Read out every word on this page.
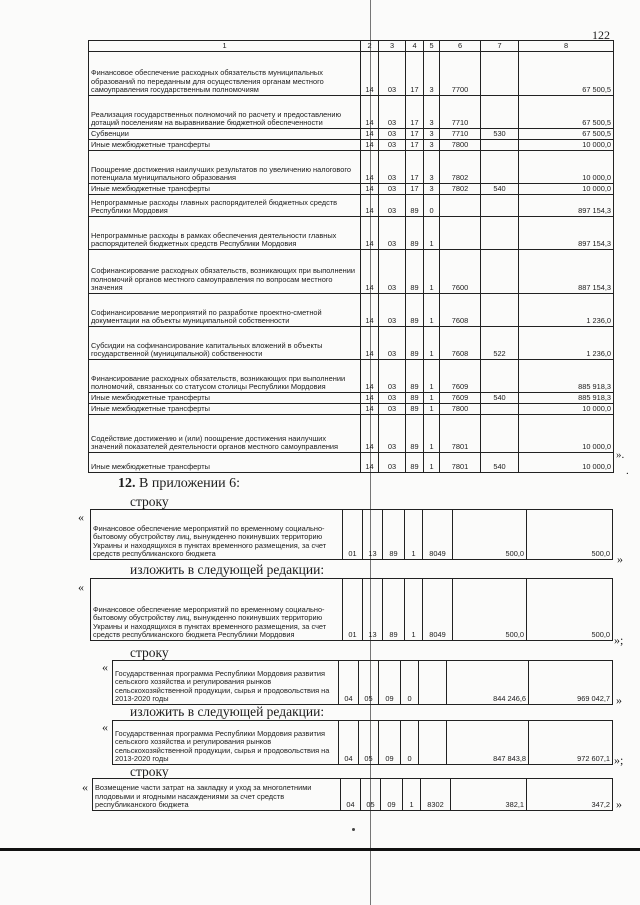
122
1	2	3	4	5	6	7	8
Финансовое обеспечение расходных обязательств муниципальных образований по переданным для осуществления органам местного самоуправления государственным полномочиям	14	03	17	3	7700		67 500,5
Реализация государственных полномочий по расчету и предоставлению дотаций поселениям на выравнивание бюджетной обеспеченности	14	03	17	3	7710		67 500,5
Субвенции	14	03	17	3	7710	530	67 500,5
Иные межбюджетные трансферты	14	03	17	3	7800		10 000,0
Поощрение достижения наилучших результатов по увеличению налогового потенциала муниципального образования	14	03	17	3	7802		10 000,0
Иные межбюджетные трансферты	14	03	17	3	7802	540	10 000,0
Непрограммные расходы главных распорядителей бюджетных средств Республики Мордовия	14	03	89	0			897 154,3
Непрограммные расходы в рамках обеспечения деятельности главных распорядителей бюджетных средств Республики Мордовия	14	03	89	1			897 154,3
Софинансирование расходных обязательств, возникающих при выполнении полномочий органов местного самоуправления по вопросам местного значения	14	03	89	1	7600		887 154,3
Софинансирование мероприятий по разработке проектно-сметной документации на объекты муниципальной собственности	14	03	89	1	7608		1 236,0
Субсидии на софинансирование капитальных вложений в объекты государственной (муниципальной) собственности	14	03	89	1	7608	522	1 236,0
Финансирование расходных обязательств, возникающих при выполнении полномочий, связанных со статусом столицы Республики Мордовия	14	03	89	1	7609		885 918,3
Иные межбюджетные трансферты	14	03	89	1	7609	540	885 918,3
Иные межбюджетные трансферты	14	03	89	1	7800		10 000,0
Содействие достижению и (или) поощрение достижения наилучших значений показателей деятельности органов местного самоуправления	14	03	89	1	7801		10 000,0
Иные межбюджетные трансферты	14	03	89	1	7801	540	10 000,0
».
.
12. В приложении 6:
строку
«
Финансовое обеспечение мероприятий по временному социально-бытовому обустройству лиц, вынужденно покинувших территорию Украины и находящихся в пунктах временного размещения, за счет средств республиканского бюджета	01	13	89	1	8049	500,0	500,0 »
изложить в следующей редакции:
«
Финансовое обеспечение мероприятий по временному социально-бытовому обустройству лиц, вынужденно покинувших территорию Украины и находящихся в пунктах временного размещения, за счет средств республиканского бюджета Республики Мордовия	01	13	89	1	8049	500,0	500,0 »;
строку
« Государственная программа Республики Мордовия развития сельского хозяйства и регулирования рынков сельскохозяйственной продукции, сырья и продовольствия на 2013-2020 годы	04	05	09	0		844 246,6	969 042,7 »
изложить в следующей редакции:
« Государственная программа Республики Мордовия развития сельского хозяйства и регулирования рынков сельскохозяйственной продукции, сырья и продовольствия на 2013-2020 годы	04	05	09	0		847 843,8	972 607,1 »;
строку
« Возмещение части затрат на закладку и уход за многолетними плодовыми и ягодными насаждениями за счет средств республиканского бюджета	04	05	09	1	8302	382,1	347,2 »
